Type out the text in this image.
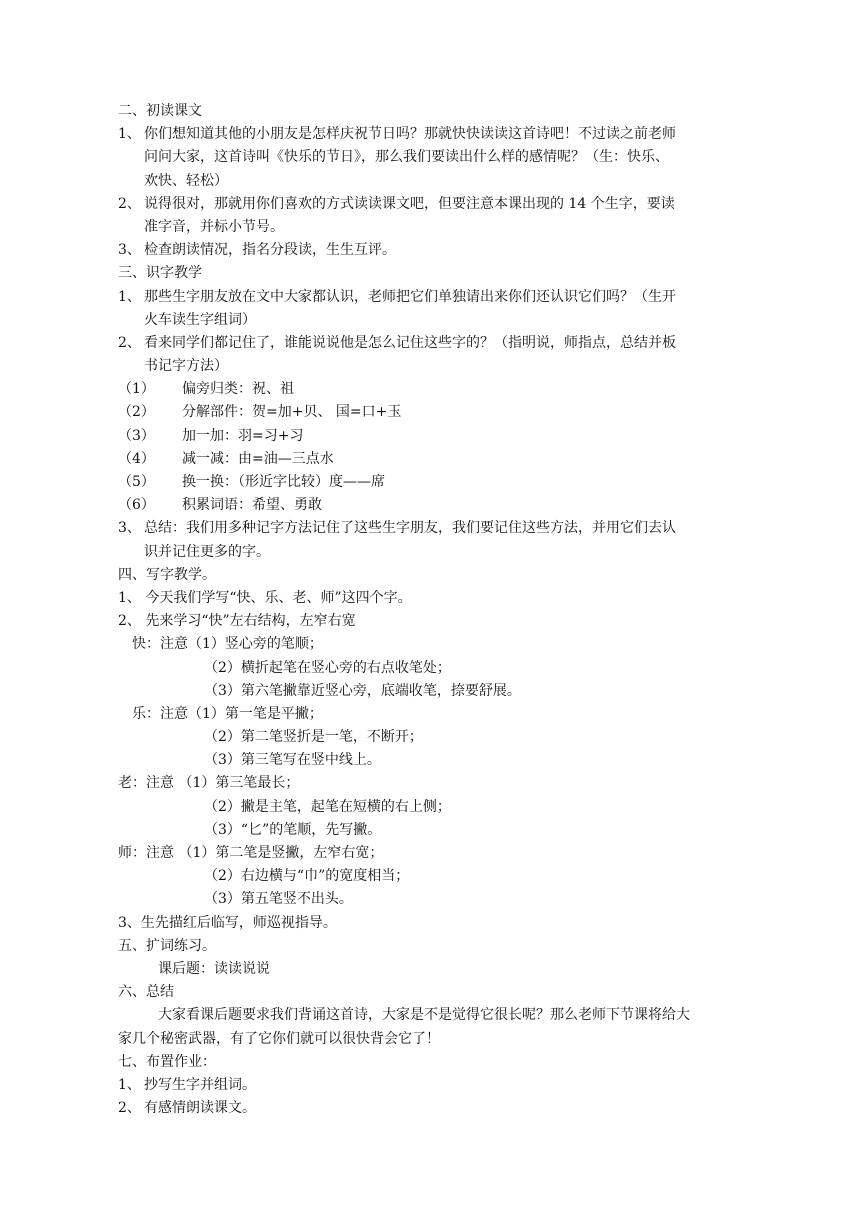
二、初读课文
1、 你们想知道其他的小朋友是怎样庆祝节日吗？那就快快读读这首诗吧！不过读之前老师
问问大家，这首诗叫《快乐的节日》，那么我们要读出什么样的感情呢？（生：快乐、
欢快、轻松）
2、 说得很对，那就用你们喜欢的方式读读课文吧，但要注意本课出现的 14 个生字，要读
准字音，并标小节号。
3、 检查朗读情况，指名分段读，生生互评。
三、识字教学
1、 那些生字朋友放在文中大家都认识，老师把它们单独请出来你们还认识它们吗？（生开
火车读生字组词）
2、 看来同学们都记住了，谁能说说他是怎么记住这些字的？（指明说，师指点，总结并板
书记字方法）
（1） 偏旁归类：祝、祖
（2） 分解部件：贺=加+贝、 国=口+玉
（3） 加一加：羽=习+习
（4） 减一减：由=油—三点水
（5） 换一换：（形近字比较）度——席
（6） 积累词语：希望、勇敢
3、 总结：我们用多种记字方法记住了这些生字朋友，我们要记住这些方法，并用它们去认
识并记住更多的字。
四、写字教学。
1、 今天我们学写“快、乐、老、师”这四个字。
2、 先来学习“快”左右结构，左窄右宽
快：注意（1）竖心旁的笔顺；
（2）横折起笔在竖心旁的右点收笔处；
（3）第六笔撇靠近竖心旁，底端收笔，捺要舒展。
乐：注意（1）第一笔是平撇；
（2）第二笔竖折是一笔，不断开；
（3）第三笔写在竖中线上。
老：注意 （1）第三笔最长；
（2）撇是主笔，起笔在短横的右上侧；
（3）“匕”的笔顺，先写撇。
师：注意 （1）第二笔是竖撇，左窄右宽；
（2）右边横与“巾”的宽度相当；
（3）第五笔竖不出头。
3、生先描红后临写，师巡视指导。
五、扩词练习。
课后题：读读说说
六、总结
大家看课后题要求我们背诵这首诗，大家是不是觉得它很长呢？那么老师下节课将给大
家几个秘密武器，有了它你们就可以很快背会它了！
七、布置作业：
1、 抄写生字并组词。
2、 有感情朗读课文。
